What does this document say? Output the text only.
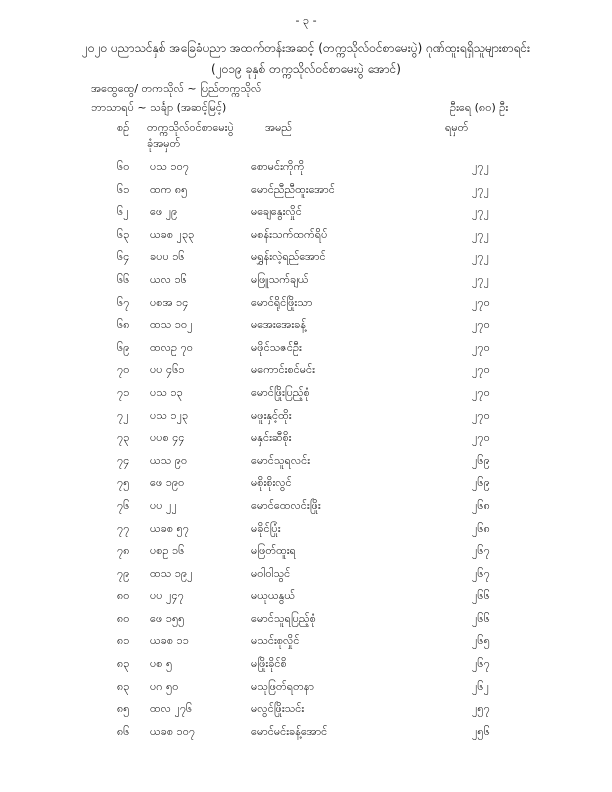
- ၃ -
၂၀၂၀ ပညာသင်နှစ် အခြေခံပညာ အထက်တန်းအဆင့် (တက္ကသိုလ်ဝင်စာမေးပွဲ) ဂုဏ်ထူးရရှိသူများစာရင်း
(၂၀၁၉ ခုနှစ် တက္ကသိုလ်ဝင်စာမေးပွဲ အောင်)
အထွေထွေ/ တကသိုလ် ~ ပြည်တက္ကသိုလ်
ဘာသာရပ် ~ သင်္ချာ (အဆင့်မြင့်)	ဦးရေ (၈၀) ဦး
စဉ် တက္ကသိုလ်ဝင်စာမေးပွဲ
ခုံအမှတ်
အမည်	ရမှတ်
၆၀ ပသ ၁၀၇	စောမင်းကိုကို	၂၇၂
၆၁ ထက ၈၅	မောင်ညီညီထူးအောင်	၂၇၂
၆၂ ဖေ ၂၉	မချေနွေးလှိုင်	၂၇၂
၆၃ ယခစ ၂၃၃	မစန်းသက်ထက်ရိပ်	၂၇၂
၆၄ ခပပ ၁၆	မရွှန်းလဲ့ရည်အောင်	၂၇၂
၆၆ ယလ ၁၆	မဖြူသက်ချယ်	၂၇၂
၆၇ ပစအ ၁၄	မောင်ရိုင်ဖြိုးသာ	၂၇၀
၆၈ ထသ ၁၀၂	မအေးအေးခန့်	၂၇၀
၆၉ ထလဥ ၇၀	မဖိုင်သဇင်ဦး	၂၇၀
၇၀ ပပ ၄၆၁	မကောင်းစင်မင်း	၂၇၀
၇၁ ပသ ၁၃	မောင်ဖြိုးပြည့်စုံ	၂၇၀
၇၂ ပသ ၁၂၃	မဖူးနှင့်ထိုး	၂၇၀
၇၃ ပပစ ၄၄	မနှင်းဆီစိုး	၂၇၀
၇၄ ယသ ၉၀	မောင်သူရလင်း	၂၆၉
၇၅ ဖေ ၁၉၀	မစိုးစိုးလွင်	၂၆၉
၇၆ ပပ ၂၂	မောင်ထေလင်းဖြိုး	၂၆၈
၇၇ ယခစ ၅၇	မခိုင်ပြုံး	၂၆၈
၇၈ ပစဥ ၁၆	မဖြတ်ထူးရ	၂၆၇
၇၉ ထသ ၁၉၂	မဝါဝါသွင်	၂၆၇
၈၀ ပပ ၂၄၇	မယုယနွယ်	၂၆၆
၈၀ ဖေ ၁၅၅	မောင်သူရပြည့်စုံ	၂၆၆
၈၁ ယခစ ၁၁	မသင်းစုလှိုင်	၂၆၅
၈၃ ပစ ၅	မဖြိုးခိုင်စိ	၂၆၇
၈၃ ပဂ ၅၀	မသုဖြတ်ရတနာ	၂၆၂
၈၅ ထလ ၂၇၆	မလွင်ဖြိုးသင်း	၂၅၇
၈၆ ယခစ ၁၀၇	မောင်မင်းခန့်အောင်	၂၅၆
